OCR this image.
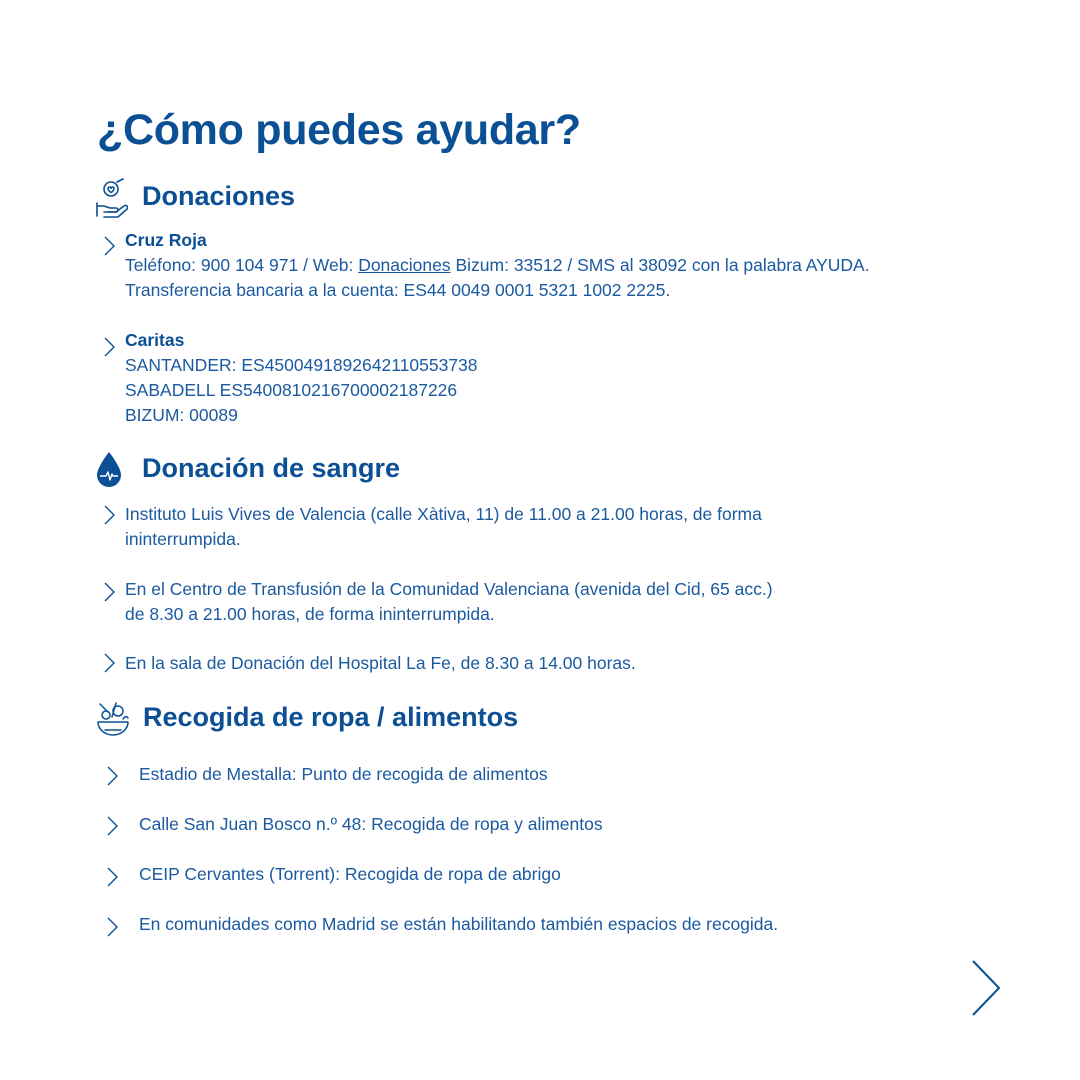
¿Cómo puedes ayudar?
Donaciones
Cruz Roja
Teléfono: 900 104 971 / Web: Donaciones Bizum: 33512 / SMS al 38092 con la palabra AYUDA.
Transferencia bancaria a la cuenta: ES44 0049 0001 5321 1002 2225.
Caritas
SANTANDER: ES4500491892642110553738
SABADELL ES5400810216700002187226
BIZUM: 00089
Donación de sangre
Instituto Luis Vives de Valencia (calle Xàtiva, 11) de 11.00 a 21.00 horas, de forma
ininterrumpida.
En el Centro de Transfusión de la Comunidad Valenciana (avenida del Cid, 65 acc.)
de 8.30 a 21.00 horas, de forma ininterrumpida.
En la sala de Donación del Hospital La Fe, de 8.30 a 14.00 horas.
Recogida de ropa / alimentos
Estadio de Mestalla: Punto de recogida de alimentos
Calle San Juan Bosco n.º 48: Recogida de ropa y alimentos
CEIP Cervantes (Torrent): Recogida de ropa de abrigo
En comunidades como Madrid se están habilitando también espacios de recogida.
